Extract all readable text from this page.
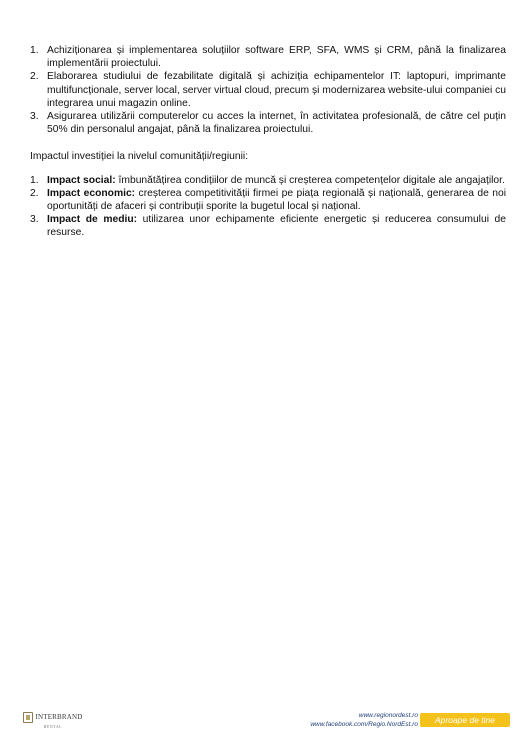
1. Achiziționarea și implementarea soluțiilor software ERP, SFA, WMS și CRM, până la finalizarea implementării proiectului.
2. Elaborarea studiului de fezabilitate digitală și achiziția echipamentelor IT: laptopuri, imprimante multifuncționale, server local, server virtual cloud, precum și modernizarea website-ului companiei cu integrarea unui magazin online.
3. Asigurarea utilizării computerelor cu acces la internet, în activitatea profesională, de către cel puțin 50% din personalul angajat, până la finalizarea proiectului.
Impactul investiției la nivelul comunității/regiunii:
1. Impact social: îmbunătățirea condițiilor de muncă și creșterea competențelor digitale ale angajaților.
2. Impact economic: creșterea competitivității firmei pe piața regională și națională, generarea de noi oportunități de afaceri și contribuții sporite la bugetul local și național.
3. Impact de mediu: utilizarea unor echipamente eficiente energetic și reducerea consumului de resurse.
INTERBRAND
RENTAL
www.regionordest.ro
www.facebook.com/Regio.NordEst.ro	Aproape de tine
